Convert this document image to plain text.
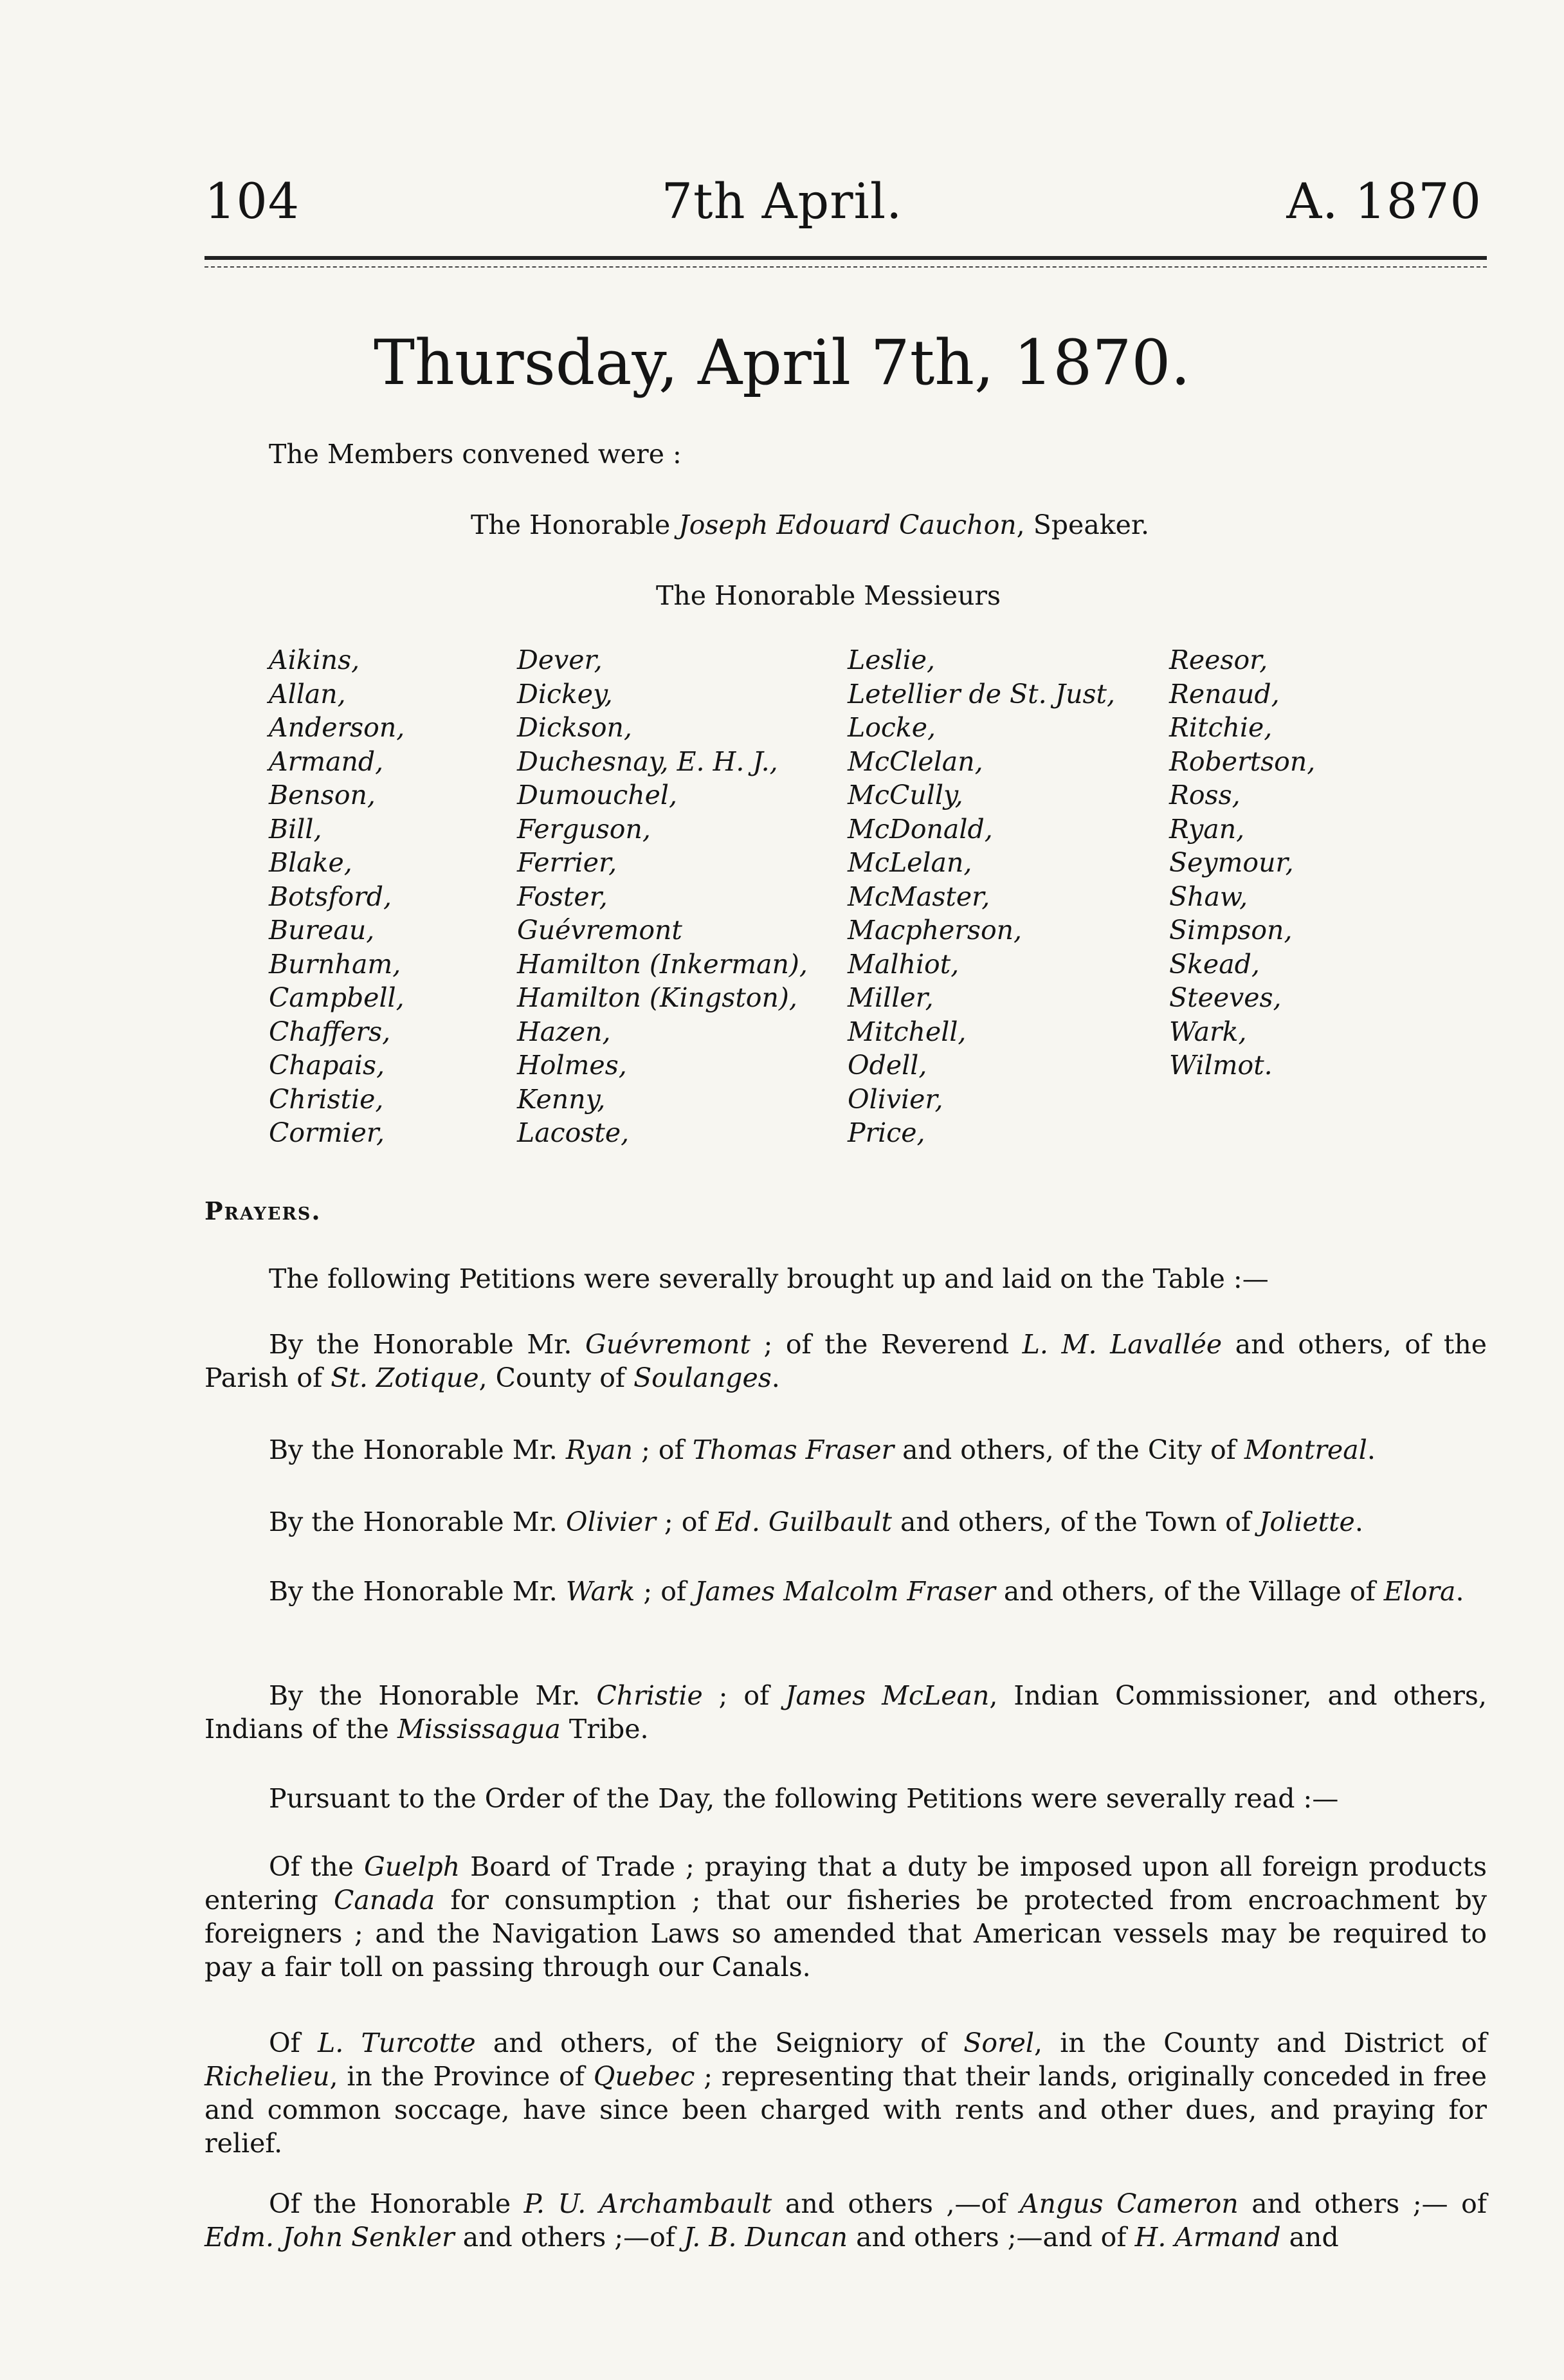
104	7th April.	A. 1870
Thursday, April 7th, 1870.
The Members convened were :
The Honorable Joseph Edouard Cauchon, Speaker.
The Honorable Messieurs
Aikins,
Allan,
Anderson,
Armand,
Benson,
Bill,
Blake,
Botsford,
Bureau,
Burnham,
Campbell,
Chaffers,
Chapais,
Christie,
Cormier,
Dever,
Dickey,
Dickson,
Duchesnay, E. H. J.,
Dumouchel,
Ferguson,
Ferrier,
Foster,
Guévremont
Hamilton (Inkerman),
Hamilton (Kingston),
Hazen,
Holmes,
Kenny,
Lacoste,
Leslie,
Letellier de St. Just,
Locke,
McClelan,
McCully,
McDonald,
McLelan,
McMaster,
Macpherson,
Malhiot,
Miller,
Mitchell,
Odell,
Olivier,
Price,
Reesor,
Renaud,
Ritchie,
Robertson,
Ross,
Ryan,
Seymour,
Shaw,
Simpson,
Skead,
Steeves,
Wark,
Wilmot.
Prayers.
The following Petitions were severally brought up and laid on the Table :—
By the Honorable Mr. Guévremont ; of the Reverend L. M. Lavallée and others, of the Parish of St. Zotique, County of Soulanges.
By the Honorable Mr. Ryan ; of Thomas Fraser and others, of the City of Montreal.
By the Honorable Mr. Olivier ; of Ed. Guilbault and others, of the Town of Joliette.
By the Honorable Mr. Wark ; of James Malcolm Fraser and others, of the Village of Elora.
By the Honorable Mr. Christie ; of James McLean, Indian Commissioner, and others, Indians of the Mississagua Tribe.
Pursuant to the Order of the Day, the following Petitions were severally read :—
Of the Guelph Board of Trade ; praying that a duty be imposed upon all foreign products entering Canada for consumption ; that our fisheries be protected from encroachment by foreigners ; and the Navigation Laws so amended that American vessels may be required to pay a fair toll on passing through our Canals.
Of L. Turcotte and others, of the Seigniory of Sorel, in the County and District of Richelieu, in the Province of Quebec ; representing that their lands, originally conceded in free and common soccage, have since been charged with rents and other dues, and praying for relief.
Of the Honorable P. U. Archambault and others ,—of Angus Cameron and others ;— of Edm. John Senkler and others ;—of J. B. Duncan and others ;—and of H. Armand and
